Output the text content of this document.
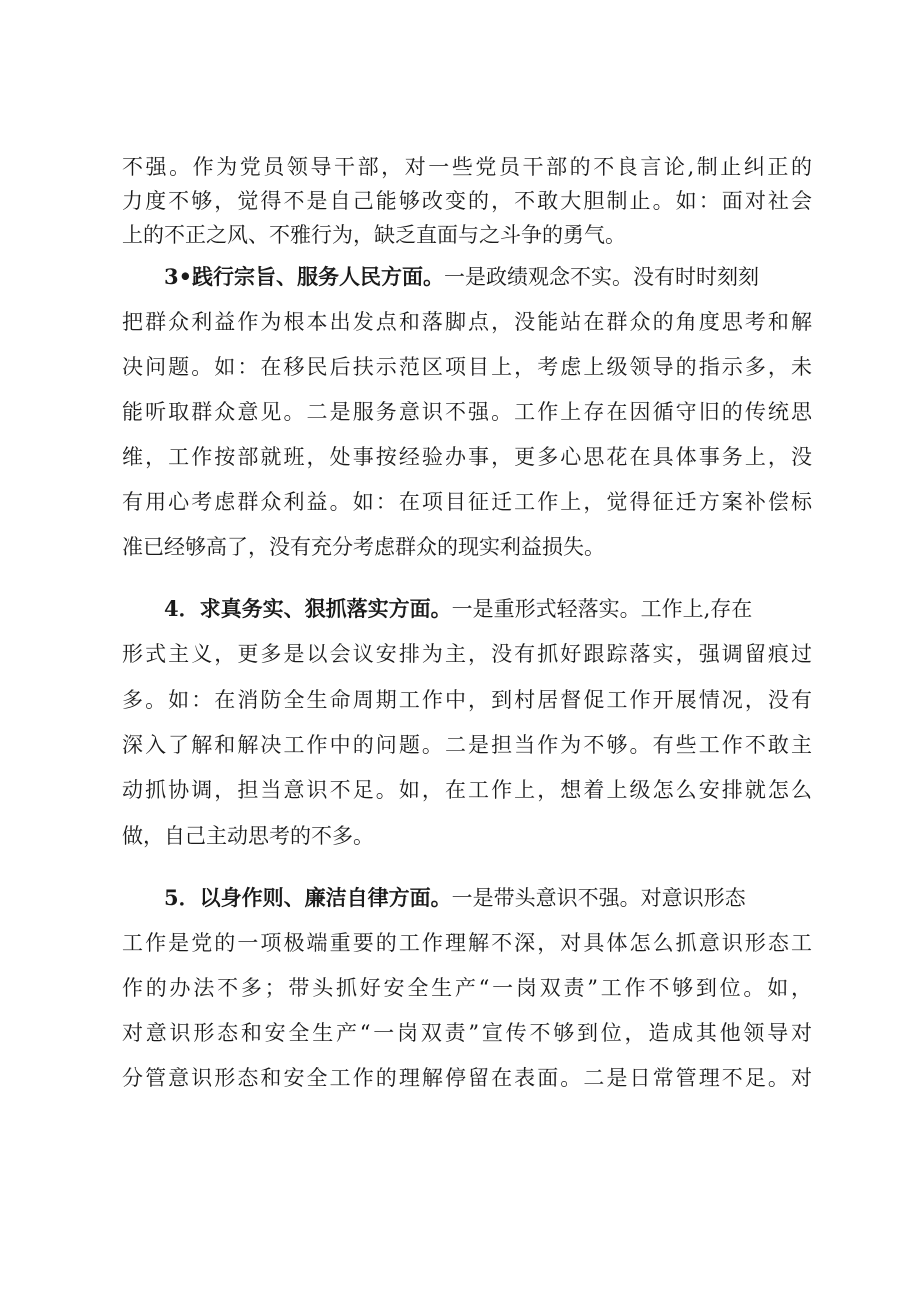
不强。作为党员领导干部，对一些党员干部的不良言论,制止纠正的
力度不够，觉得不是自己能够改变的，不敢大胆制止。如：面对社会
上的不正之风、不雅行为，缺乏直面与之斗争的勇气。
3•践行宗旨、服务人民方面。一是政绩观念不实。没有时时刻刻
把群众利益作为根本出发点和落脚点，没能站在群众的角度思考和解
决问题。如：在移民后扶示范区项目上，考虑上级领导的指示多，未
能听取群众意见。二是服务意识不强。工作上存在因循守旧的传统思
维，工作按部就班，处事按经验办事，更多心思花在具体事务上，没
有用心考虑群众利益。如：在项目征迁工作上，觉得征迁方案补偿标
准已经够高了，没有充分考虑群众的现实利益损失。
4．求真务实、狠抓落实方面。一是重形式轻落实。工作上,存在
形式主义，更多是以会议安排为主，没有抓好跟踪落实，强调留痕过
多。如：在消防全生命周期工作中，到村居督促工作开展情况，没有
深入了解和解决工作中的问题。二是担当作为不够。有些工作不敢主
动抓协调，担当意识不足。如，在工作上，想着上级怎么安排就怎么
做，自己主动思考的不多。
5．以身作则、廉洁自律方面。一是带头意识不强。对意识形态
工作是党的一项极端重要的工作理解不深，对具体怎么抓意识形态工
作的办法不多；带头抓好安全生产“一岗双责”工作不够到位。如，
对意识形态和安全生产“一岗双责”宣传不够到位，造成其他领导对
分管意识形态和安全工作的理解停留在表面。二是日常管理不足。对
